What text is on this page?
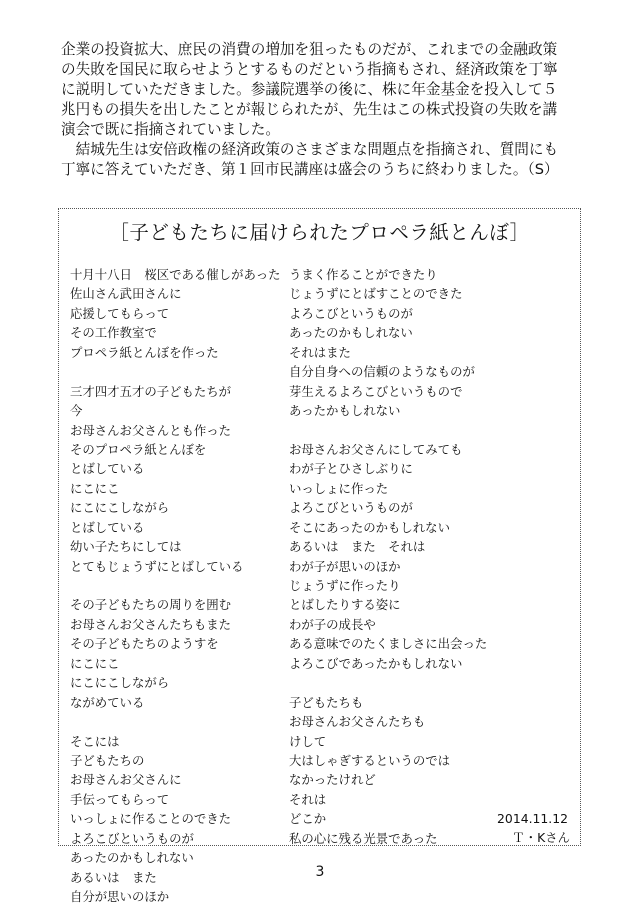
企業の投資拡大、庶民の消費の増加を狙ったものだが、これまでの金融政策

の失敗を国民に取らせようとするものだという指摘もされ、経済政策を丁寧

に説明していただきました。参議院選挙の後に、株に年金基金を投入して５

兆円もの損失を出したことが報じられたが、先生はこの株式投資の失敗を講

演会で既に指摘されていました。

結城先生は安倍政権の経済政策のさまざまな問題点を指摘され、質問にも

丁寧に答えていただき、第１回市民講座は盛会のうちに終わりました。（S）

［子どもたちに届けられたプロペラ紙とんぼ］
十月十八日　桜区である催しがあった
佐山さん武田さんに
応援してもらって
その工作教室で
プロペラ紙とんぼを作った
三才四才五才の子どもたちが
今
お母さんお父さんとも作った
そのプロペラ紙とんぼを
とばしている
にこにこ
にこにこしながら
とばしている
幼い子たちにしては
とてもじょうずにとばしている
その子どもたちの周りを囲む
お母さんお父さんたちもまた
その子どもたちのようすを
にこにこ
にこにこしながら
ながめている
そこには
子どもたちの
お母さんお父さんに
手伝ってもらって
いっしょに作ることのできた
よろこびというものが
あったのかもしれない
あるいは　また
自分が思いのほか
うまく作ることができたり
じょうずにとばすことのできた
よろこびというものが
あったのかもしれない
それはまた
自分自身への信頼のようなものが
芽生えるよろこびというもので
あったかもしれない
お母さんお父さんにしてみても
わが子とひさしぶりに
いっしょに作った
よろこびというものが
そこにあったのかもしれない
あるいは　また　それは
わが子が思いのほか
じょうずに作ったり
とばしたりする姿に
わが子の成長や
ある意味でのたくましさに出会った
よろこびであったかもしれない
子どもたちも
お母さんお父さんたちも
けして
大はしゃぎするというのでは
なかったけれど
それは
どこか
私の心に残る光景であった
2014.11.12
Ｔ・Kさん
3
